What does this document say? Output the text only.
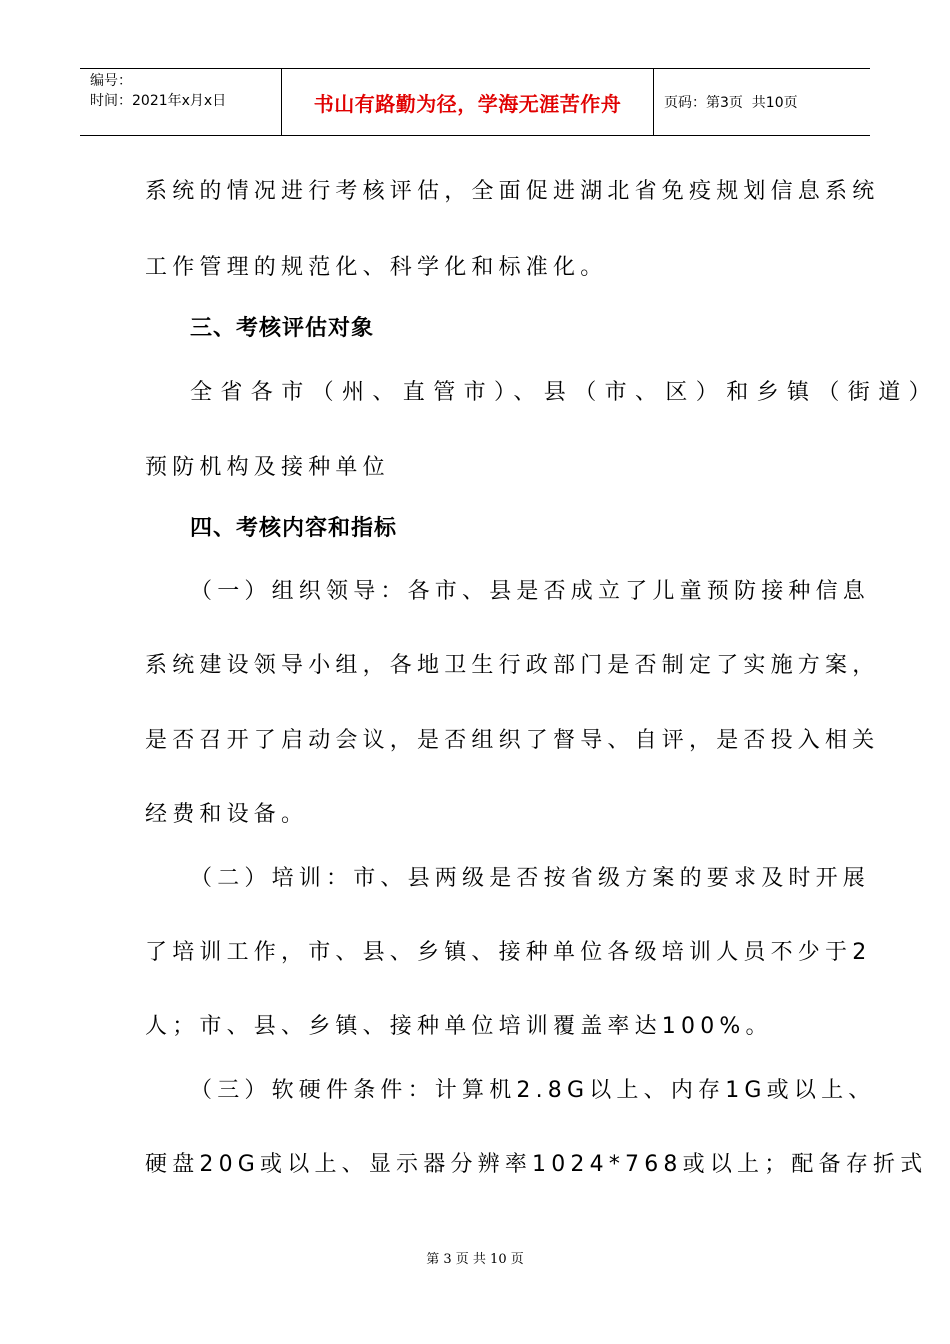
编号：
时间：2021年x月x日	书山有路勤为径，学海无涯苦作舟	页码：第3页  共10页

系统的情况进行考核评估，全面促进湖北省免疫规划信息系统

工作管理的规范化、科学化和标准化。

三、考核评估对象

全省各市（州、直管市）、县（市、区）和乡镇（街道）

预防机构及接种单位

四、考核内容和指标

（一）组织领导：各市、县是否成立了儿童预防接种信息

系统建设领导小组，各地卫生行政部门是否制定了实施方案，

是否召开了启动会议，是否组织了督导、自评，是否投入相关

经费和设备。

（二）培训：市、县两级是否按省级方案的要求及时开展

了培训工作，市、县、乡镇、接种单位各级培训人员不少于2

人；市、县、乡镇、接种单位培训覆盖率达100%。

（三）软硬件条件：计算机2.8G以上、内存1G或以上、

硬盘20G或以上、显示器分辨率1024*768或以上；配备存折式

第 3 页 共 10 页
